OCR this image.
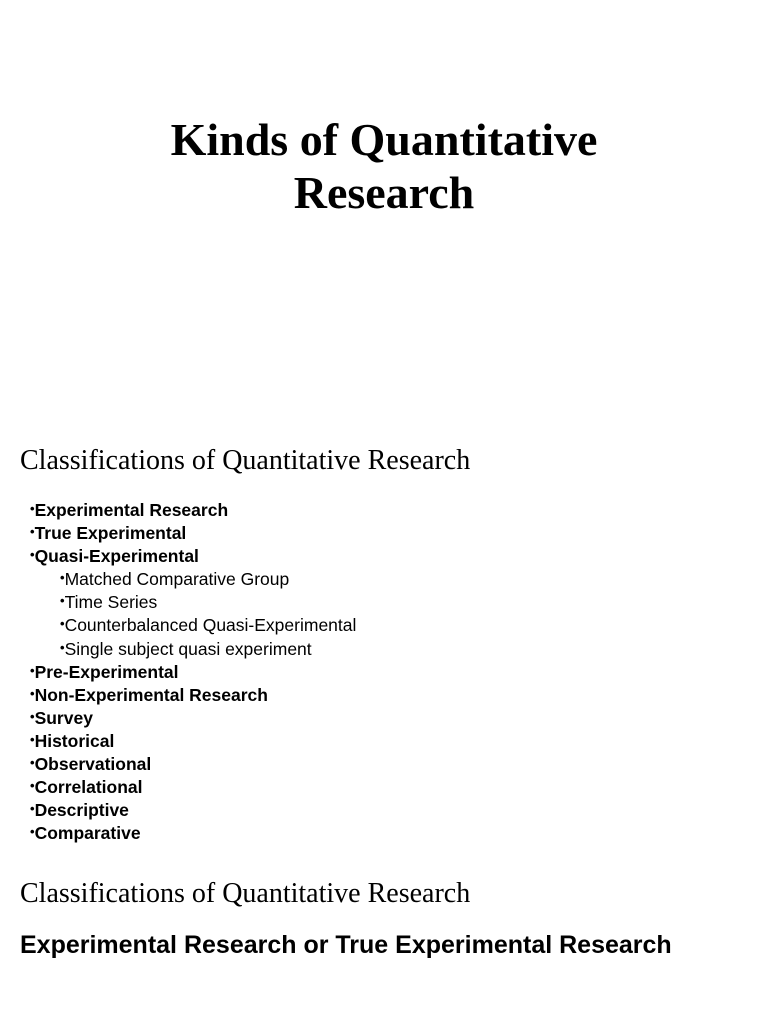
Kinds of Quantitative
Research
Classifications of Quantitative Research
•Experimental Research
•True Experimental
•Quasi-Experimental
•Matched Comparative Group
•Time Series
•Counterbalanced Quasi-Experimental
•Single subject quasi experiment
•Pre-Experimental
•Non-Experimental Research
•Survey
•Historical
•Observational
•Correlational
•Descriptive
•Comparative
Classifications of Quantitative Research

Experimental Research or True Experimental Research
